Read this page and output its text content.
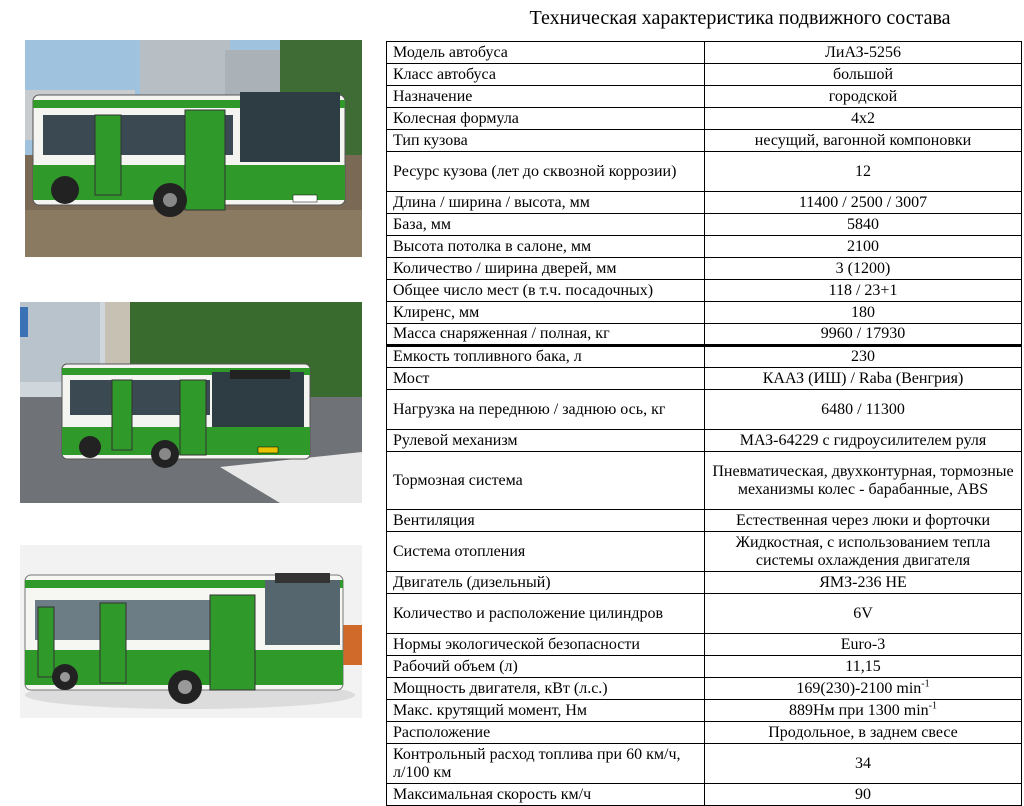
Техническая характеристика подвижного состава
Модель автобуса	ЛиАЗ-5256
Класс автобуса	большой
Назначение	городской
Колесная формула	4x2
Тип кузова	несущий, вагонной компоновки
Ресурс кузова (лет до сквозной коррозии)	12
Длина / ширина / высота, мм	11400 / 2500 / 3007
База, мм	5840
Высота потолка в салоне, мм	2100
Количество / ширина дверей, мм	3 (1200)
Общее число мест (в т.ч. посадочных)	118 / 23+1
Клиренс, мм	180
Масса снаряженная / полная, кг	9960 / 17930
Емкость топливного бака, л	230
Мост	КААЗ (ИШ) / Raba (Венгрия)
Нагрузка на переднюю / заднюю ось, кг	6480 / 11300
Рулевой механизм	МАЗ-64229 с гидроусилителем руля
Тормозная система	Пневматическая, двухконтурная, тормозные механизмы колес - барабанные, ABS
Вентиляция	Естественная через люки и форточки
Система отопления	Жидкостная, с использованием тепла системы охлаждения двигателя
Двигатель (дизельный)	ЯМЗ-236 НЕ
Количество и расположение цилиндров	6V
Нормы экологической безопасности	Euro-3
Рабочий объем (л)	11,15
Мощность двигателя, кВт (л.с.)	169(230)-2100 $\min^{-1}$
Макс. крутящий момент, Нм	889Нм при 1300 $\min^{-1}$
Расположение	Продольное, в заднем свесе
Контрольный расход топлива при 60 км/ч, л/100 км	34
Максимальная скорость км/ч	90
